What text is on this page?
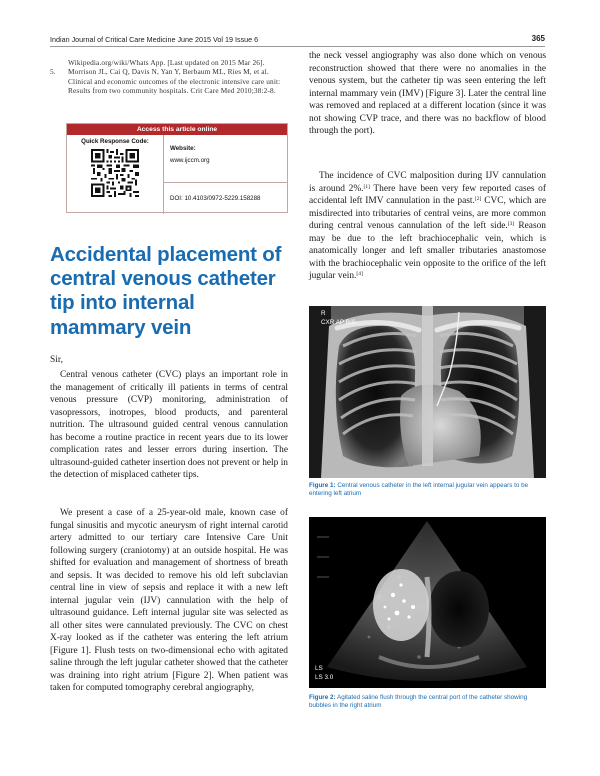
Indian Journal of Critical Care Medicine June 2015 Vol 19 Issue 6	365
Wikipedia.org/wiki/Whats App. [Last updated on 2015 Mar 26].
5.	Morrison JL, Cai Q, Davis N, Yan Y, Berbaum ML, Ries M, et al. Clinical and economic outcomes of the electronic intensive care unit: Results from two community hospitals. Crit Care Med 2010;38:2-8.
Access this article online
Quick Response Code:
Website:
www.ijccm.org
DOI: 10.4103/0972-5229.158288
Accidental placement of central venous catheter tip into internal mammary vein
Sir,

Central venous catheter (CVC) plays an important role in the management of critically ill patients in terms of central venous pressure (CVP) monitoring, administration of vasopressors, inotropes, blood products, and parenteral nutrition. The ultrasound guided central venous cannulation has become a routine practice in recent years due to its lower complication rates and lesser errors during insertion. The ultrasound-guided catheter insertion does not prevent or help in the detection of misplaced catheter tips.

We present a case of a 25-year-old male, known case of fungal sinusitis and mycotic aneurysm of right internal carotid artery admitted to our tertiary care Intensive Care Unit following surgery (craniotomy) at an outside hospital. He was shifted for evaluation and management of shortness of breath and sepsis. It was decided to remove his old left subclavian central line in view of sepsis and replace it with a new left internal jugular vein (IJV) cannulation with the help of ultrasound guidance. Left internal jugular site was selected as all other sites were cannulated previously. The CVC on chest X-ray looked as if the catheter was entering the left atrium [Figure 1]. Flush tests on two-dimensional echo with agitated saline through the left jugular catheter showed that the catheter was draining into right atrium [Figure 2]. When patient was taken for computed tomography cerebral angiography,

the neck vessel angiography was also done which on venous reconstruction showed that there were no anomalies in the venous system, but the catheter tip was seen entering the left internal mammary vein (IMV) [Figure 3]. Later the central line was removed and replaced at a different location (since it was not showing CVP trace, and there was no backflow of blood through the port).

The incidence of CVC malposition during IJV cannulation is around 2%.[1] There have been very few reported cases of accidental left IMV cannulation in the past.[2] CVC, which are misdirected into tributaries of central veins, are more common during central venous cannulation of the left side.[3] Reason may be due to the left brachiocephalic vein, which is anatomically longer and left smaller tributaries anastomose with the brachiocephalic vein opposite to the orifice of the left jugular vein.[4]

R
CXR AP B/S
Figure 1: Central venous catheter in the left internal jugular vein appears to be entering left atrium
LS
LS 3.0
Figure 2: Agitated saline flush through the central port of the catheter showing bubbles in the right atrium
